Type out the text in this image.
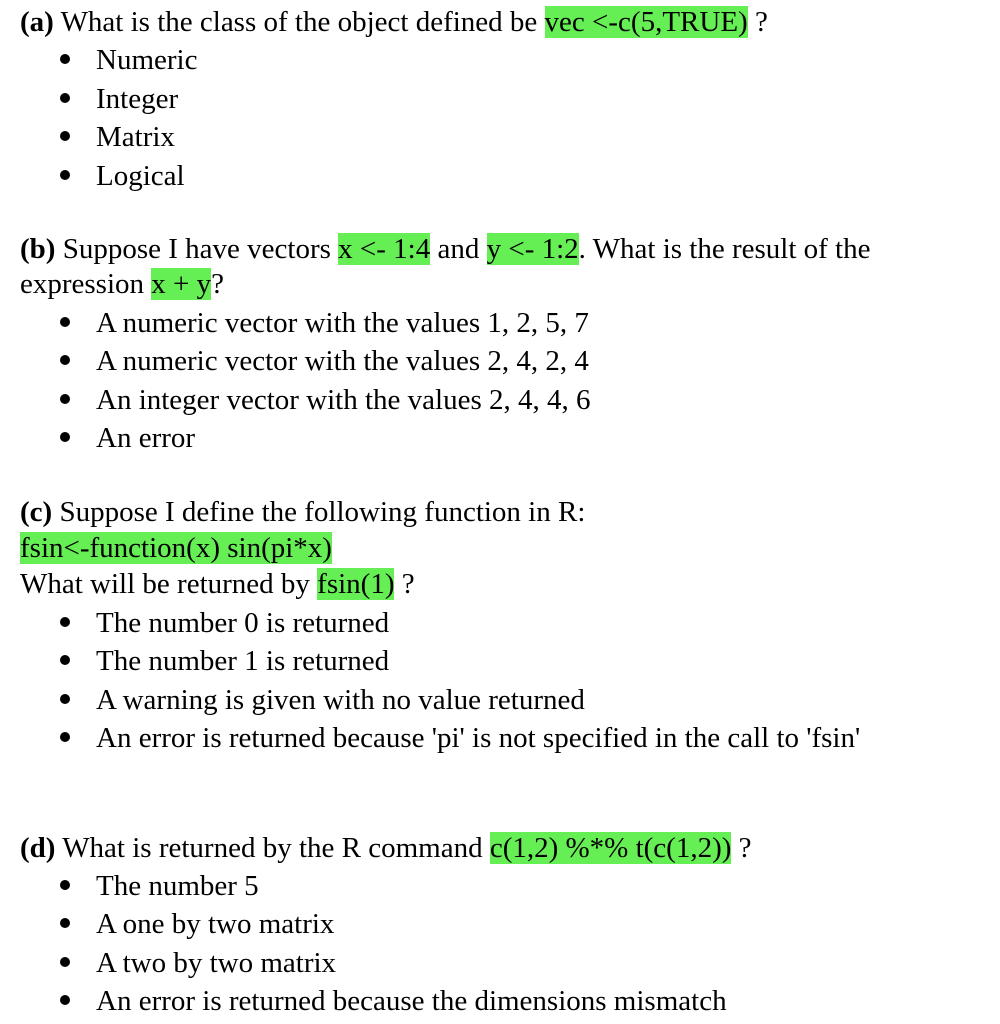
(a) What is the class of the object defined be vec <-c(5,TRUE) ?
Numeric
Integer
Matrix
Logical
(b) Suppose I have vectors x <- 1:4 and y <- 1:2. What is the result of the
expression x + y?
A numeric vector with the values 1, 2, 5, 7
A numeric vector with the values 2, 4, 2, 4
An integer vector with the values 2, 4, 4, 6
An error
(c) Suppose I define the following function in R:
fsin<-function(x) sin(pi*x)
What will be returned by fsin(1) ?
The number 0 is returned
The number 1 is returned
A warning is given with no value returned
An error is returned because 'pi' is not specified in the call to 'fsin'
(d) What is returned by the R command c(1,2) %*% t(c(1,2)) ?
The number 5
A one by two matrix
A two by two matrix
An error is returned because the dimensions mismatch
